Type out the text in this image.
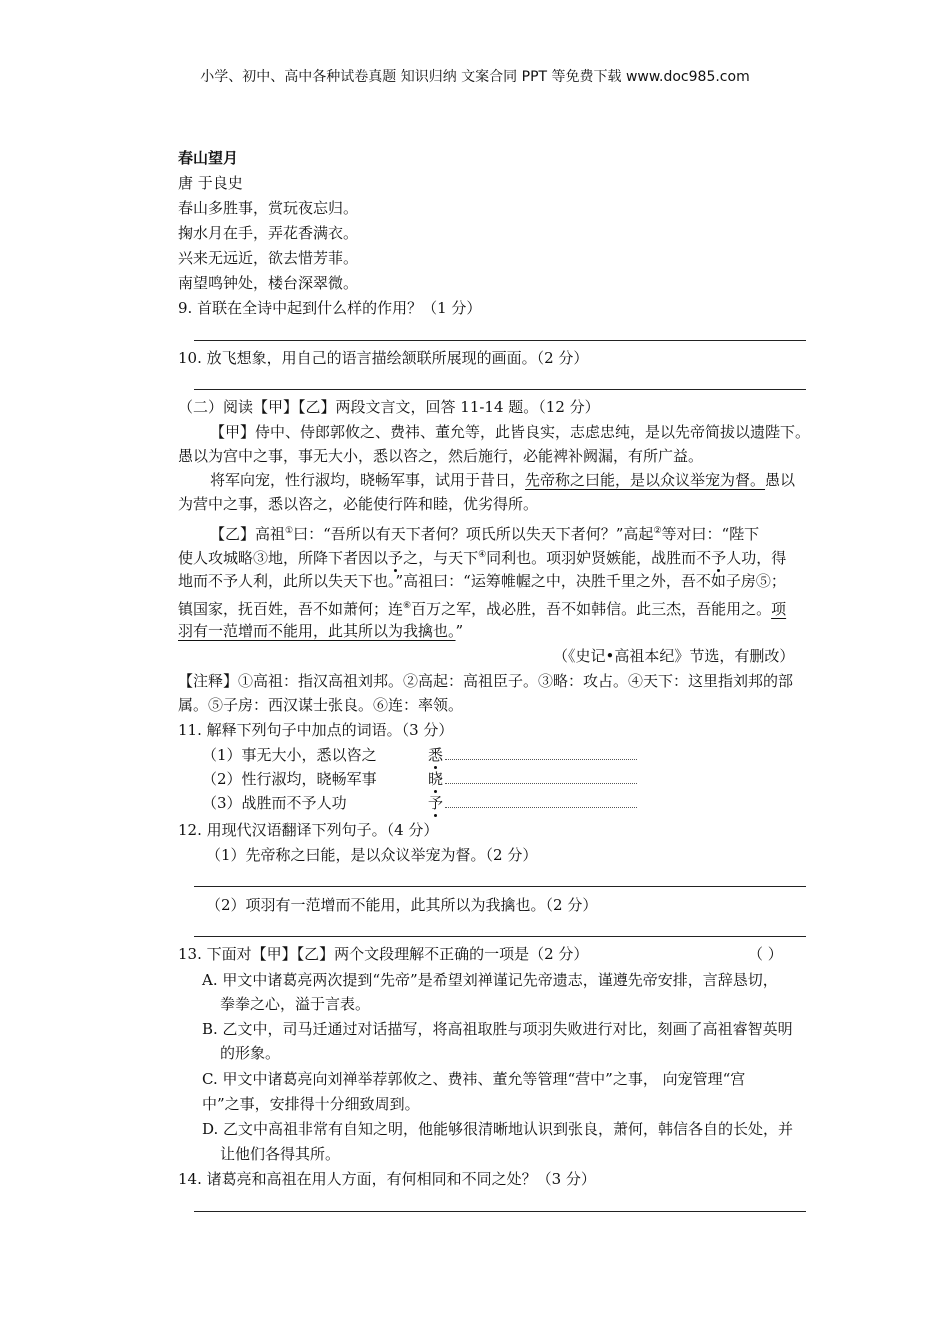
小学、初中、高中各种试卷真题 知识归纳 文案合同 PPT 等免费下载 www.doc985.com
春山望月
唐 于良史
春山多胜事，赏玩夜忘归。
掬水月在手，弄花香满衣。
兴来无远近，欲去惜芳菲。
南望鸣钟处，楼台深翠微。
9. 首联在全诗中起到什么样的作用？（1 分）
10. 放飞想象，用自己的语言描绘颔联所展现的画面。（2 分）
（二）阅读【甲】【乙】两段文言文，回答 11-14 题。（12 分）
【甲】侍中、侍郎郭攸之、费祎、董允等，此皆良实，志虑忠纯，是以先帝简拔以遗陛下。
愚以为宫中之事，事无大小，悉以咨之，然后施行，必能裨补阙漏，有所广益。
将军向宠，性行淑均，晓畅军事，试用于昔日，先帝称之曰能，是以众议举宠为督。愚以
为营中之事，悉以咨之，必能使行阵和睦，优劣得所。
【乙】高祖①曰：“吾所以有天下者何？项氏所以失天下者何？”高起②等对曰：“陛下
使人攻城略③地，所降下者因以予之，与天下④同利也。项羽妒贤嫉能，战胜而不予人功，得
地而不予人利，此所以失天下也。”高祖曰：“运筹帷幄之中，决胜千里之外，吾不如子房⑤；
镇国家，抚百姓，吾不如萧何；连⑥百万之军，战必胜，吾不如韩信。此三杰，吾能用之。项
羽有一范增而不能用，此其所以为我擒也。”
（《史记•高祖本纪》节选，有删改）
【注释】①高祖：指汉高祖刘邦。②高起：高祖臣子。③略：攻占。④天下：这里指刘邦的部
属。⑤子房：西汉谋士张良。⑥连：率领。
11. 解释下列句子中加点的词语。（3 分）
（1）事无大小，悉以咨之	悉
（2）性行淑均，晓畅军事	晓
（3）战胜而不予人功	予
12. 用现代汉语翻译下列句子。（4 分）
（1）先帝称之曰能，是以众议举宠为督。（2 分）
（2）项羽有一范增而不能用，此其所以为我擒也。（2 分）
13. 下面对【甲】【乙】两个文段理解不正确的一项是（2 分）	（ ）
A. 甲文中诸葛亮两次提到“先帝”是希望刘禅谨记先帝遗志，谨遵先帝安排，言辞恳切，
拳拳之心，溢于言表。
B. 乙文中，司马迁通过对话描写，将高祖取胜与项羽失败进行对比，刻画了高祖睿智英明
的形象。
C. 甲文中诸葛亮向刘禅举荐郭攸之、费祎、董允等管理“营中”之事， 向宠管理“宫
中”之事，安排得十分细致周到。
D. 乙文中高祖非常有自知之明，他能够很清晰地认识到张良，萧何，韩信各自的长处，并
让他们各得其所。
14. 诸葛亮和高祖在用人方面，有何相同和不同之处？（3 分）
